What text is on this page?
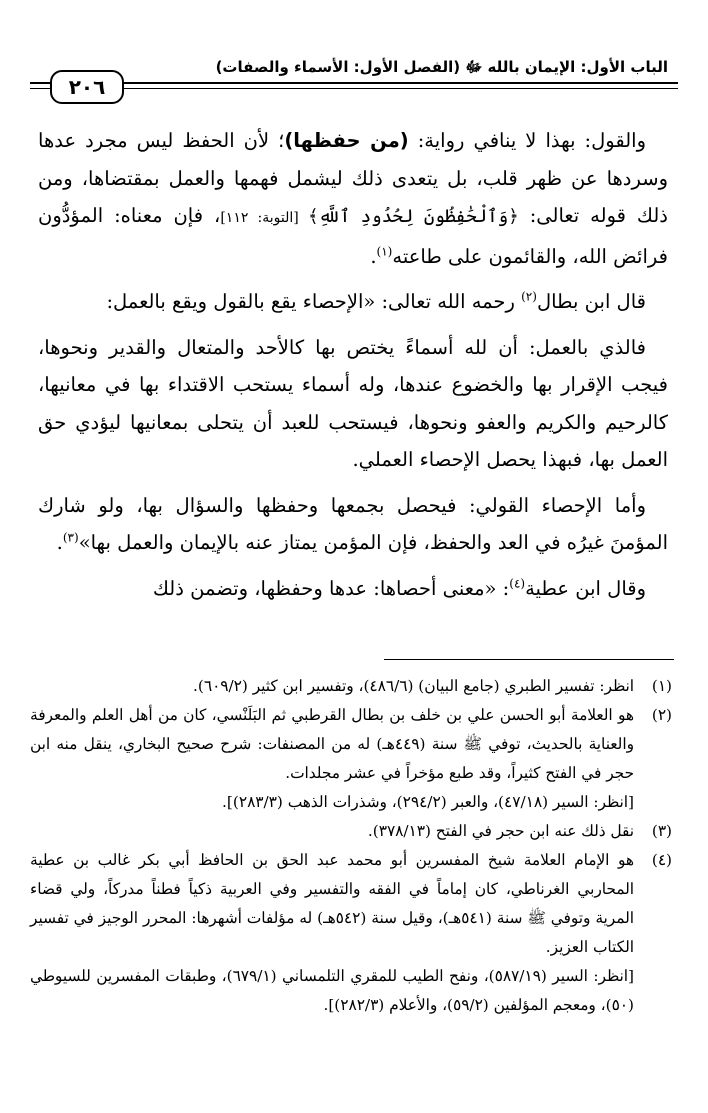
الباب الأول: الإيمان بالله ﷻ (الفصل الأول: الأسماء والصفات)
٢٠٦

والقول: بهذا لا ينافي رواية: (من حفظها)؛ لأن الحفظ ليس مجرد عدها وسردها عن ظهر قلب، بل يتعدى ذلك ليشمل فهمها والعمل بمقتضاها، ومن ذلك قوله تعالى: ﴿وَٱلْحَٰفِظُونَ لِحُدُودِ ٱللَّهِ﴾ [التوبة: ١١٢]، فإن معناه: المؤدُّون فرائض الله، والقائمون على طاعته$^{(١)}$.

قال ابن بطال$^{(٢)}$ رحمه الله تعالى: «الإحصاء يقع بالقول ويقع بالعمل:

فالذي بالعمل: أن لله أسماءً يختص بها كالأحد والمتعال والقدير ونحوها، فيجب الإقرار بها والخضوع عندها، وله أسماء يستحب الاقتداء بها في معانيها، كالرحيم والكريم والعفو ونحوها، فيستحب للعبد أن يتحلى بمعانيها ليؤدي حق العمل بها، فبهذا يحصل الإحصاء العملي.

وأما الإحصاء القولي: فيحصل بجمعها وحفظها والسؤال بها، ولو شارك المؤمنَ غيرُه في العد والحفظ، فإن المؤمن يمتاز عنه بالإيمان والعمل بها»$^{(٣)}$.

وقال ابن عطية$^{(٤)}$: «معنى أحصاها: عدها وحفظها، وتضمن ذلك

(١)
انظر: تفسير الطبري (جامع البيان) (٤٨٦/٦)، وتفسير ابن كثير (٦٠٩/٢).
(٢)
هو العلامة أبو الحسن علي بن خلف بن بطال القرطبي ثم البَلَنْسي، كان من أهل العلم والمعرفة والعناية بالحديث، توفي ﷺ سنة (٤٤٩هـ) له من المصنفات: شرح صحيح البخاري، ينقل منه ابن حجر في الفتح كثيراً، وقد طبع مؤخراً في عشر مجلدات.
[انظر: السير (٤٧/١٨)، والعبر (٢٩٤/٢)، وشذرات الذهب (٢٨٣/٣)].
(٣)
نقل ذلك عنه ابن حجر في الفتح (٣٧٨/١٣).
(٤)
هو الإمام العلامة شيخ المفسرين أبو محمد عبد الحق بن الحافظ أبي بكر غالب بن عطية المحاربي الغرناطي، كان إماماً في الفقه والتفسير وفي العربية ذكياً فطناً مدركاً، ولي قضاء المرية وتوفي ﷺ سنة (٥٤١هـ)، وقيل سنة (٥٤٢هـ) له مؤلفات أشهرها: المحرر الوجيز في تفسير الكتاب العزيز.
[انظر: السير (٥٨٧/١٩)، ونفح الطيب للمقري التلمساني (٦٧٩/١)، وطبقات المفسرين للسيوطي (٥٠)، ومعجم المؤلفين (٥٩/٢)، والأعلام (٢٨٢/٣)].
